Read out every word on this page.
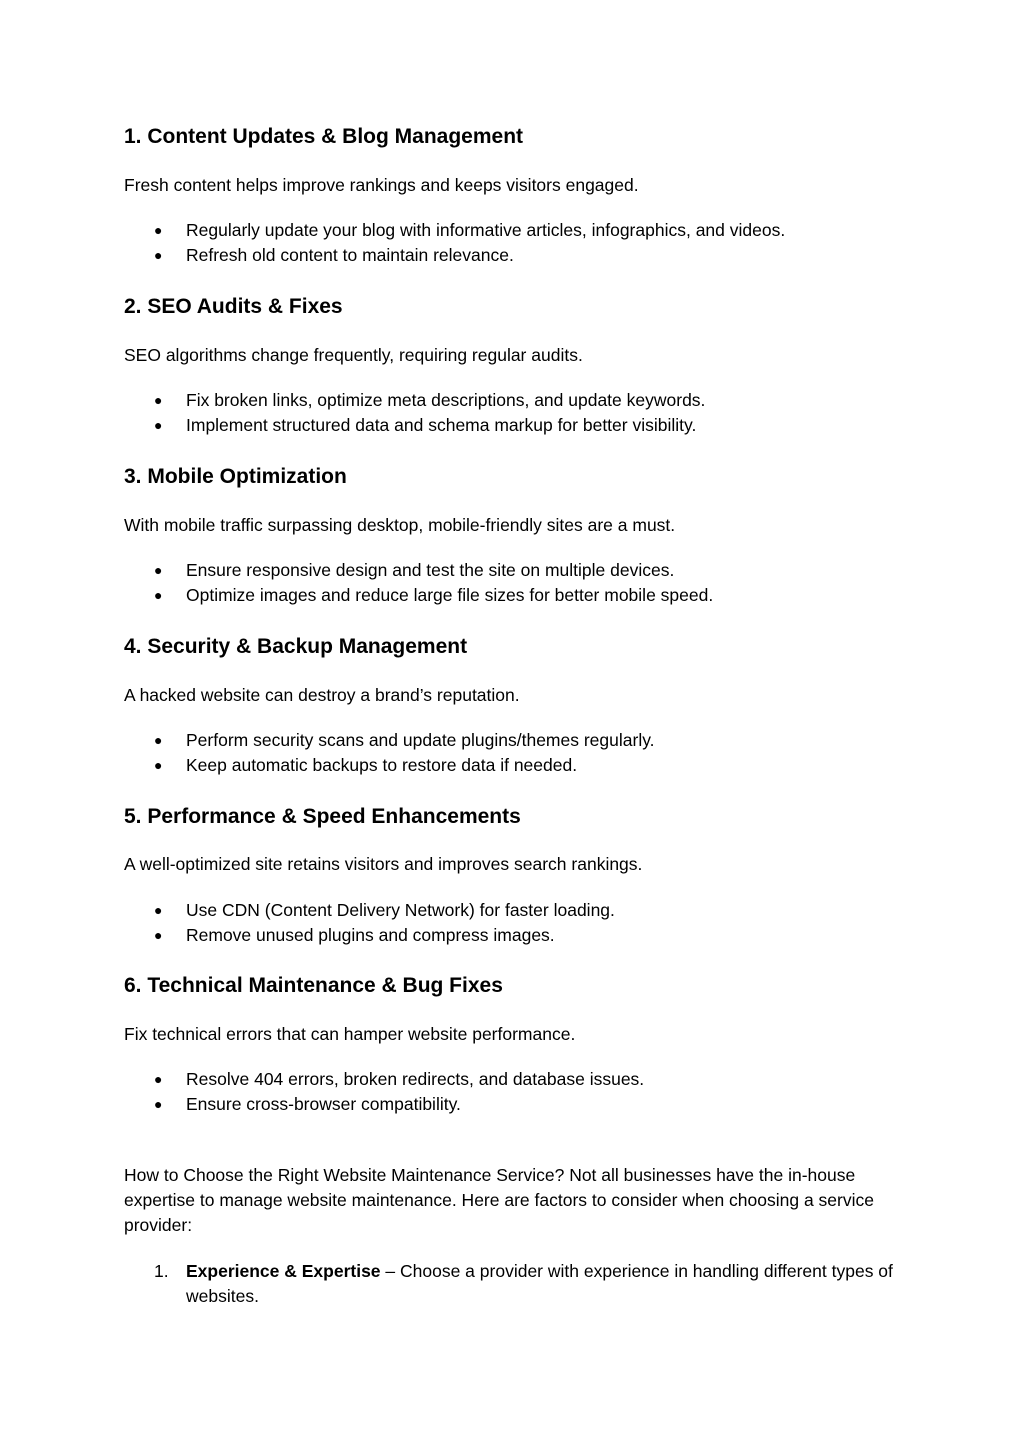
1. Content Updates & Blog Management

Fresh content helps improve rankings and keeps visitors engaged.

● Regularly update your blog with informative articles, infographics, and videos.
● Refresh old content to maintain relevance.
2. SEO Audits & Fixes

SEO algorithms change frequently, requiring regular audits.

● Fix broken links, optimize meta descriptions, and update keywords.
● Implement structured data and schema markup for better visibility.
3. Mobile Optimization

With mobile traffic surpassing desktop, mobile-friendly sites are a must.

● Ensure responsive design and test the site on multiple devices.
● Optimize images and reduce large file sizes for better mobile speed.
4. Security & Backup Management

A hacked website can destroy a brand’s reputation.

● Perform security scans and update plugins/themes regularly.
● Keep automatic backups to restore data if needed.
5. Performance & Speed Enhancements

A well-optimized site retains visitors and improves search rankings.

● Use CDN (Content Delivery Network) for faster loading.
● Remove unused plugins and compress images.
6. Technical Maintenance & Bug Fixes

Fix technical errors that can hamper website performance.

● Resolve 404 errors, broken redirects, and database issues.
● Ensure cross-browser compatibility.

How to Choose the Right Website Maintenance Service? Not all businesses have the in-house expertise to manage website maintenance. Here are factors to consider when choosing a service provider:

1. Experience & Expertise – Choose a provider with experience in handling different types of websites.
